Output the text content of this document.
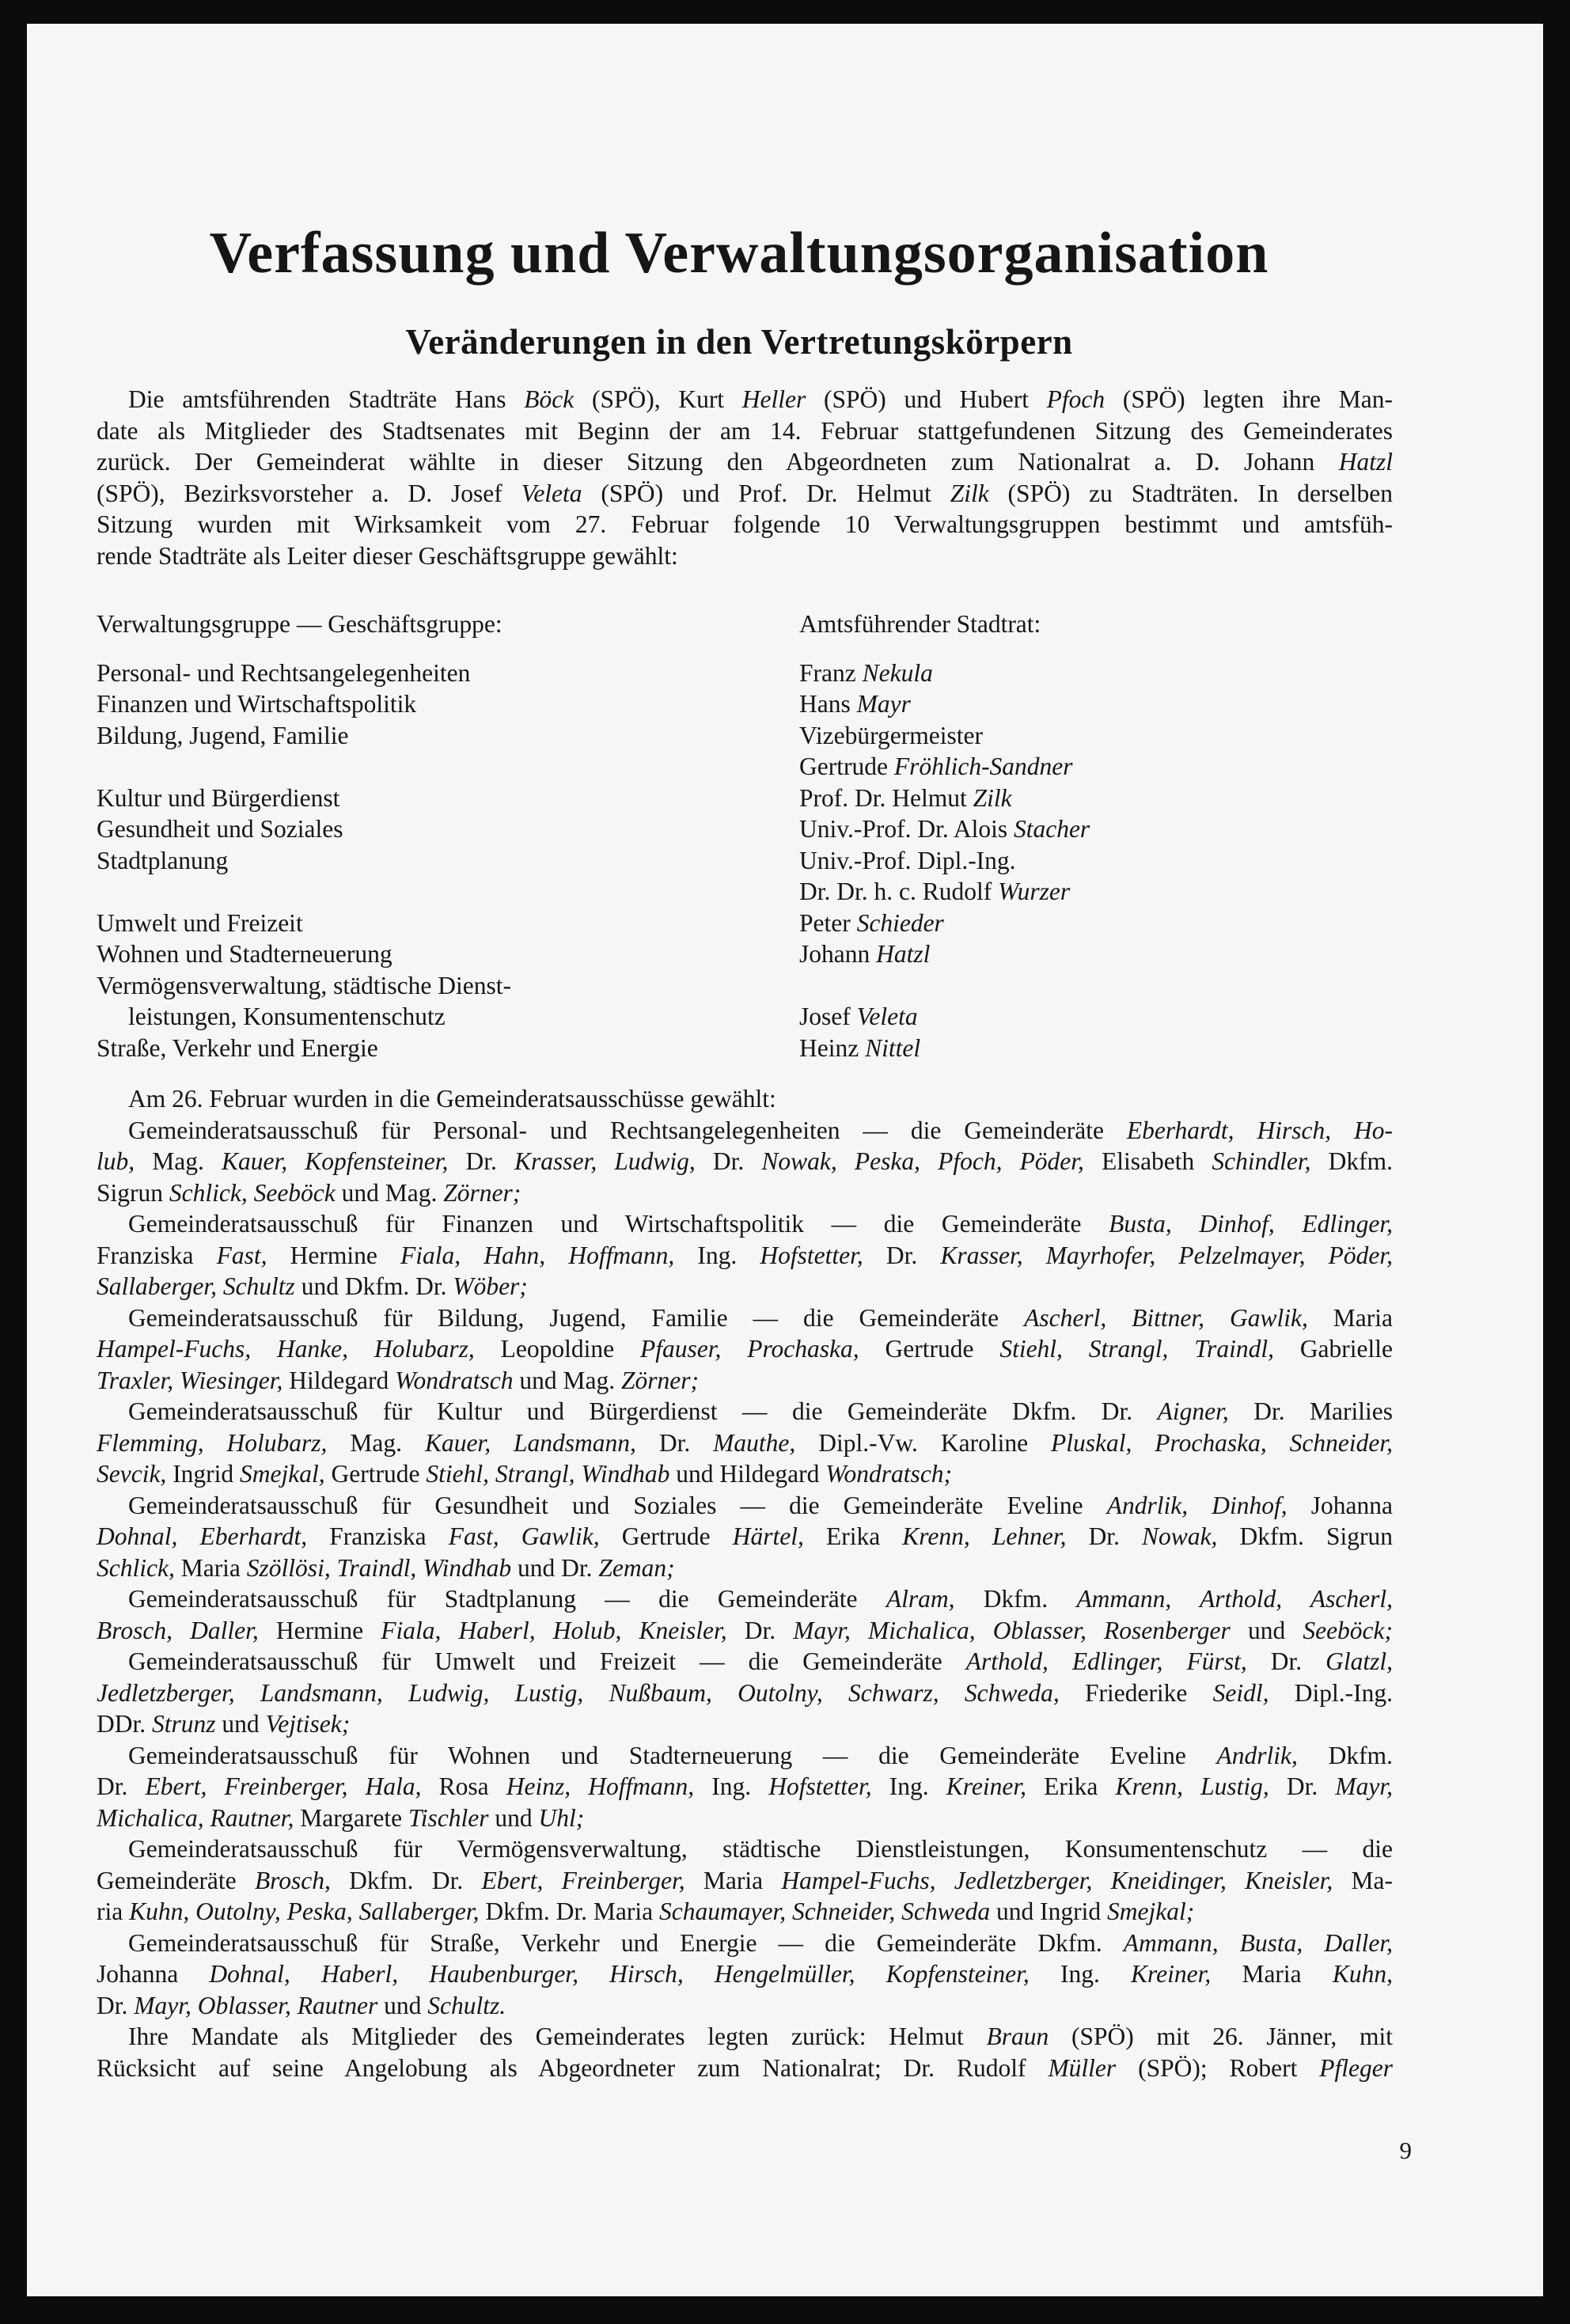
Verfassung und Verwaltungsorganisation
Veränderungen in den Vertretungskörpern
Die amtsführenden Stadträte Hans Böck (SPÖ), Kurt Heller (SPÖ) und Hubert Pfoch (SPÖ) legten ihre Man-
date als Mitglieder des Stadtsenates mit Beginn der am 14. Februar stattgefundenen Sitzung des Gemeinderates
zurück. Der Gemeinderat wählte in dieser Sitzung den Abgeordneten zum Nationalrat a. D. Johann Hatzl
(SPÖ), Bezirksvorsteher a. D. Josef Veleta (SPÖ) und Prof. Dr. Helmut Zilk (SPÖ) zu Stadträten. In derselben
Sitzung wurden mit Wirksamkeit vom 27. Februar folgende 10 Verwaltungsgruppen bestimmt und amtsfüh-
rende Stadträte als Leiter dieser Geschäftsgruppe gewählt:
Verwaltungsgruppe — Geschäftsgruppe:
Personal- und Rechtsangelegenheiten
Finanzen und Wirtschaftspolitik
Bildung, Jugend, Familie
Kultur und Bürgerdienst
Gesundheit und Soziales
Stadtplanung
Umwelt und Freizeit
Wohnen und Stadterneuerung
Vermögensverwaltung, städtische Dienst-
leistungen, Konsumentenschutz
Straße, Verkehr und Energie
Amtsführender Stadtrat:
Franz Nekula
Hans Mayr
Vizebürgermeister
Gertrude Fröhlich-Sandner
Prof. Dr. Helmut Zilk
Univ.-Prof. Dr. Alois Stacher
Univ.-Prof. Dipl.-Ing.
Dr. Dr. h. c. Rudolf Wurzer
Peter Schieder
Johann Hatzl
Josef Veleta
Heinz Nittel
Am 26. Februar wurden in die Gemeinderatsausschüsse gewählt:
Gemeinderatsausschuß für Personal- und Rechtsangelegenheiten — die Gemeinderäte Eberhardt, Hirsch, Ho-
lub, Mag. Kauer, Kopfensteiner, Dr. Krasser, Ludwig, Dr. Nowak, Peska, Pfoch, Pöder, Elisabeth Schindler, Dkfm.
Sigrun Schlick, Seeböck und Mag. Zörner;
Gemeinderatsausschuß für Finanzen und Wirtschaftspolitik — die Gemeinderäte Busta, Dinhof, Edlinger,
Franziska Fast, Hermine Fiala, Hahn, Hoffmann, Ing. Hofstetter, Dr. Krasser, Mayrhofer, Pelzelmayer, Pöder,
Sallaberger, Schultz und Dkfm. Dr. Wöber;
Gemeinderatsausschuß für Bildung, Jugend, Familie — die Gemeinderäte Ascherl, Bittner, Gawlik, Maria
Hampel-Fuchs, Hanke, Holubarz, Leopoldine Pfauser, Prochaska, Gertrude Stiehl, Strangl, Traindl, Gabrielle
Traxler, Wiesinger, Hildegard Wondratsch und Mag. Zörner;
Gemeinderatsausschuß für Kultur und Bürgerdienst — die Gemeinderäte Dkfm. Dr. Aigner, Dr. Marilies
Flemming, Holubarz, Mag. Kauer, Landsmann, Dr. Mauthe, Dipl.-Vw. Karoline Pluskal, Prochaska, Schneider,
Sevcik, Ingrid Smejkal, Gertrude Stiehl, Strangl, Windhab und Hildegard Wondratsch;
Gemeinderatsausschuß für Gesundheit und Soziales — die Gemeinderäte Eveline Andrlik, Dinhof, Johanna
Dohnal, Eberhardt, Franziska Fast, Gawlik, Gertrude Härtel, Erika Krenn, Lehner, Dr. Nowak, Dkfm. Sigrun
Schlick, Maria Szöllösi, Traindl, Windhab und Dr. Zeman;
Gemeinderatsausschuß für Stadtplanung — die Gemeinderäte Alram, Dkfm. Ammann, Arthold, Ascherl,
Brosch, Daller, Hermine Fiala, Haberl, Holub, Kneisler, Dr. Mayr, Michalica, Oblasser, Rosenberger und Seeböck;
Gemeinderatsausschuß für Umwelt und Freizeit — die Gemeinderäte Arthold, Edlinger, Fürst, Dr. Glatzl,
Jedletzberger, Landsmann, Ludwig, Lustig, Nußbaum, Outolny, Schwarz, Schweda, Friederike Seidl, Dipl.-Ing.
DDr. Strunz und Vejtisek;
Gemeinderatsausschuß für Wohnen und Stadterneuerung — die Gemeinderäte Eveline Andrlik, Dkfm.
Dr. Ebert, Freinberger, Hala, Rosa Heinz, Hoffmann, Ing. Hofstetter, Ing. Kreiner, Erika Krenn, Lustig, Dr. Mayr,
Michalica, Rautner, Margarete Tischler und Uhl;
Gemeinderatsausschuß für Vermögensverwaltung, städtische Dienstleistungen, Konsumentenschutz — die
Gemeinderäte Brosch, Dkfm. Dr. Ebert, Freinberger, Maria Hampel-Fuchs, Jedletzberger, Kneidinger, Kneisler, Ma-
ria Kuhn, Outolny, Peska, Sallaberger, Dkfm. Dr. Maria Schaumayer, Schneider, Schweda und Ingrid Smejkal;
Gemeinderatsausschuß für Straße, Verkehr und Energie — die Gemeinderäte Dkfm. Ammann, Busta, Daller,
Johanna Dohnal, Haberl, Haubenburger, Hirsch, Hengelmüller, Kopfensteiner, Ing. Kreiner, Maria Kuhn,
Dr. Mayr, Oblasser, Rautner und Schultz.
Ihre Mandate als Mitglieder des Gemeinderates legten zurück: Helmut Braun (SPÖ) mit 26. Jänner, mit
Rücksicht auf seine Angelobung als Abgeordneter zum Nationalrat; Dr. Rudolf Müller (SPÖ); Robert Pfleger
9
